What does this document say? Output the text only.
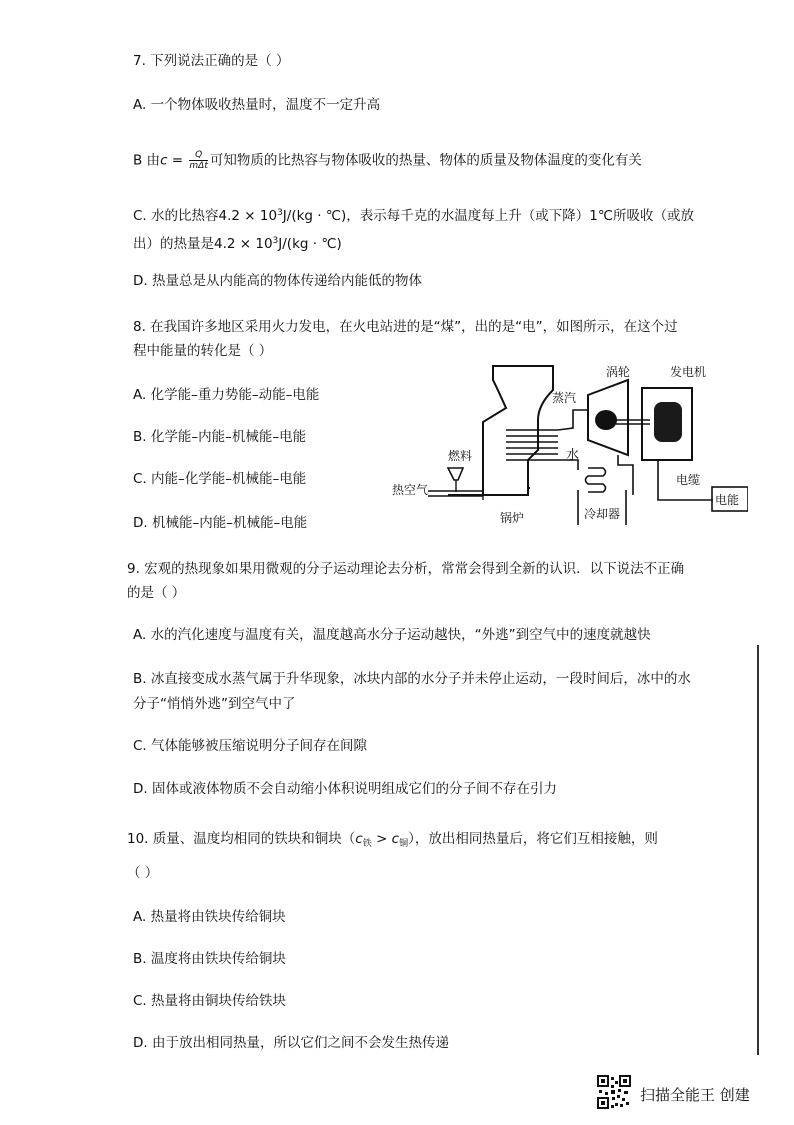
7. 下列说法正确的是（ ）
A. 一个物体吸收热量时，温度不一定升高
B 由$c = \frac{Q}{\text{mΔt}}$ 可知物质的比热容与物体吸收的热量、物体的质量及物体温度的变化有关
C. 水的比热容$4.2 \times 10^3J/(kg$ · ℃)，表示每千克的水温度每上升（或下降）1℃所吸收（或放
出）的热量是$4.2 \times 10^3J/(kg$ · ℃)
D. 热量总是从内能高的物体传递给内能低的物体
8. 在我国许多地区采用火力发电，在火电站进的是“煤”，出的是“电”，如图所示，在这个过
程中能量的转化是（ ）
A. 化学能–重力势能–动能–电能
B. 化学能–内能–机械能–电能
C. 内能–化学能–机械能–电能
D. 机械能–内能–机械能–电能
涡轮	发电机
蒸汽
燃料	水
热空气
电缆
电能
锅炉	冷却器
9. 宏观的热现象如果用微观的分子运动理论去分析，常常会得到全新的认识．以下说法不正确
的是（ ）
A. 水的汽化速度与温度有关，温度越高水分子运动越快，“外逃”到空气中的速度就越快
B. 冰直接变成水蒸气属于升华现象，冰块内部的水分子并未停止运动，一段时间后，冰中的水
分子“悄悄外逃”到空气中了
C. 气体能够被压缩说明分子间存在间隙
D. 固体或液体物质不会自动缩小体积说明组成它们的分子间不存在引力
10. 质量、温度均相同的铁块和铜块$(c_铁 > c_铜)$，放出相同热量后，将它们互相接触，则
（ ）
A. 热量将由铁块传给铜块
B. 温度将由铁块传给铜块
C. 热量将由铜块传给铁块
D. 由于放出相同热量，所以它们之间不会发生热传递
扫描全能王 创建
